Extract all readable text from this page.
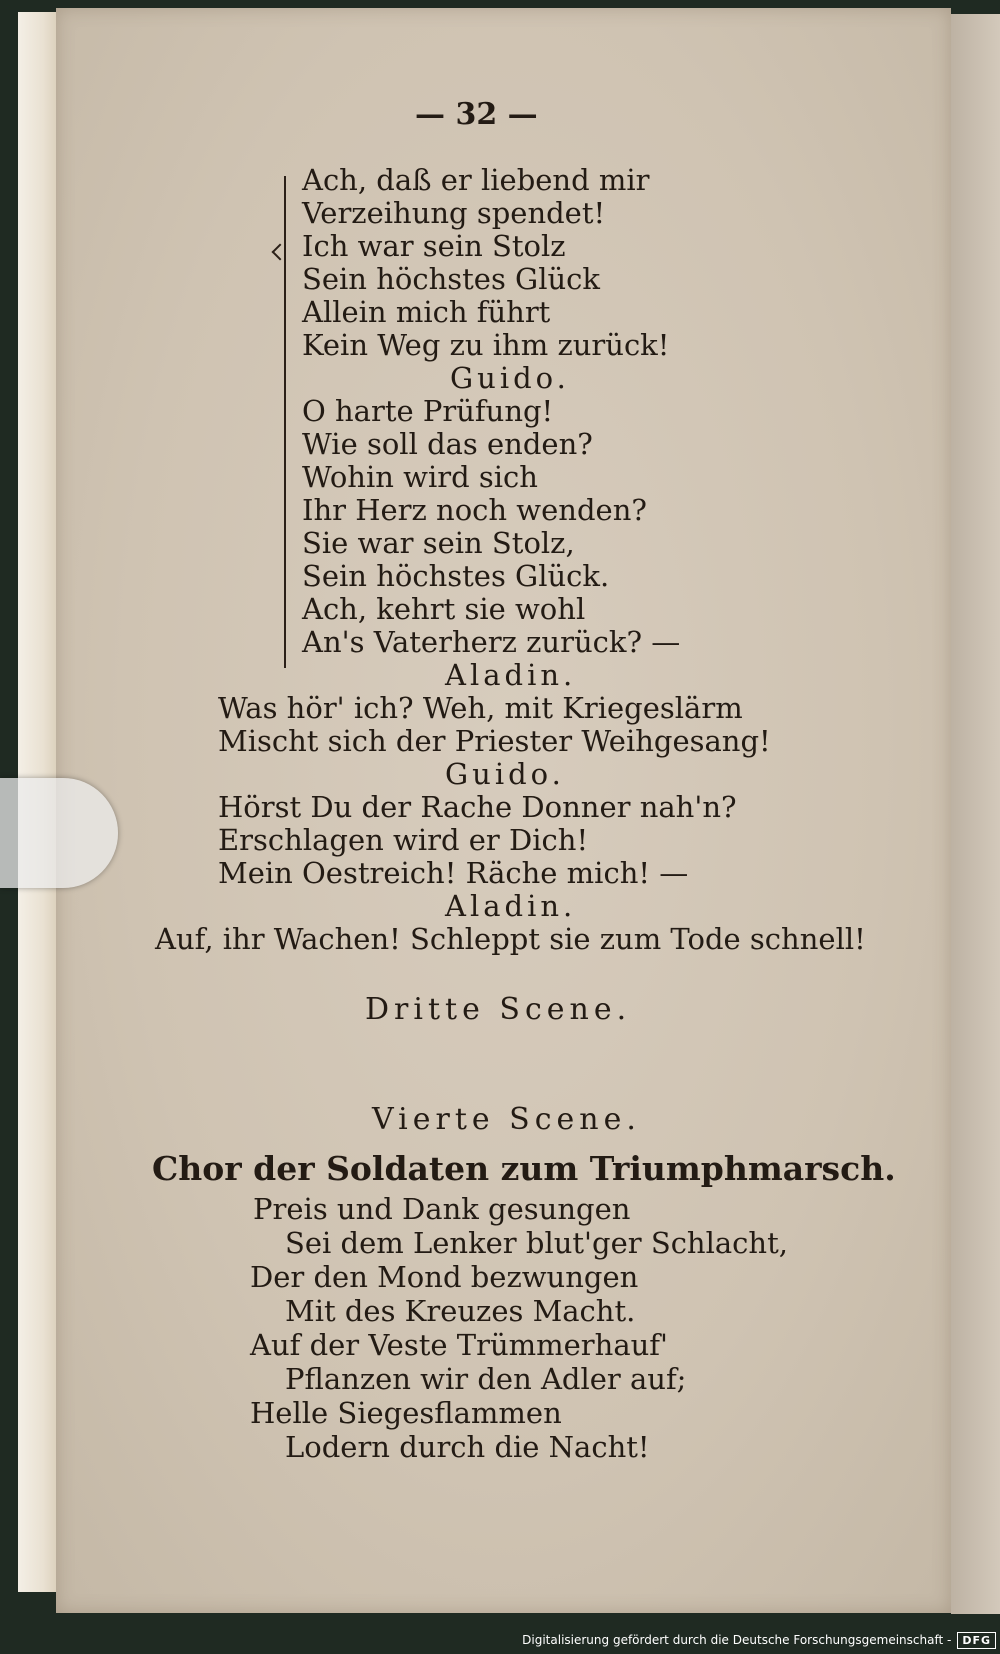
— 32 —
Ach, daß er liebend mir
Verzeihung spendet!
Ich war sein Stolz
Sein höchstes Glück
Allein mich führt
Kein Weg zu ihm zurück!
Guido.
O harte Prüfung!
Wie soll das enden?
Wohin wird sich
Ihr Herz noch wenden?
Sie war sein Stolz,
Sein höchstes Glück.
Ach, kehrt sie wohl
An's Vaterherz zurück? —
Aladin.
Was hör' ich? Weh, mit Kriegeslärm
Mischt sich der Priester Weihgesang!
Guido.
Hörst Du der Rache Donner nah'n?
Erschlagen wird er Dich!
Mein Oestreich! Räche mich! —
Aladin.
Auf, ihr Wachen! Schleppt sie zum Tode schnell!
Dritte Scene.
Vierte Scene.
Chor der Soldaten zum Triumphmarsch.
Preis und Dank gesungen
Sei dem Lenker blut'ger Schlacht,
Der den Mond bezwungen
Mit des Kreuzes Macht.
Auf der Veste Trümmerhauf'
Pflanzen wir den Adler auf;
Helle Siegesflammen
Lodern durch die Nacht!
Digitalisierung gefördert durch die Deutsche Forschungsgemeinschaft -	DFG
